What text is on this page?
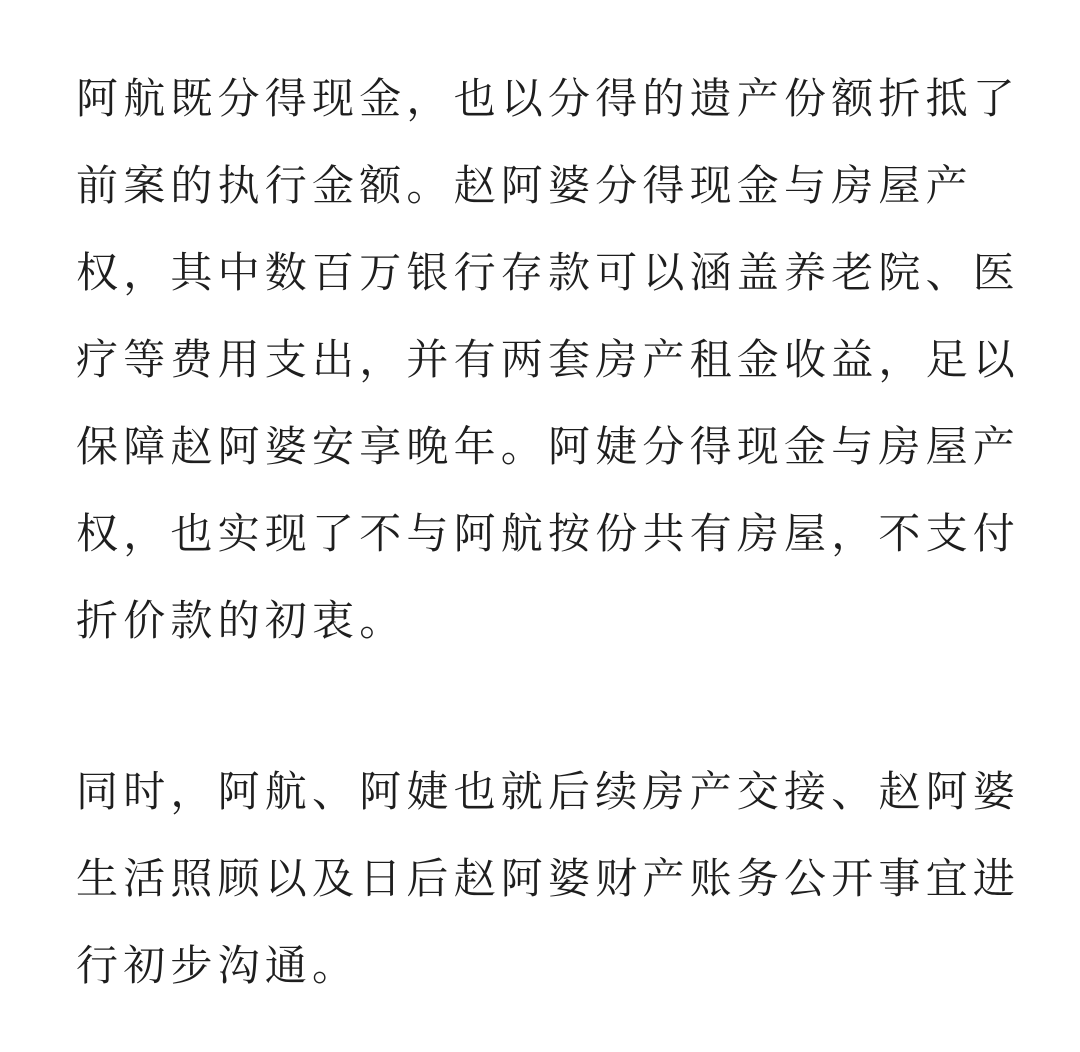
阿航既分得现金，也以分得的遗产份额折抵了
前案的执行金额。赵阿婆分得现金与房屋产
权，其中数百万银行存款可以涵盖养老院、医
疗等费用支出，并有两套房产租金收益，足以
保障赵阿婆安享晚年。阿婕分得现金与房屋产
权，也实现了不与阿航按份共有房屋，不支付
折价款的初衷。

同时，阿航、阿婕也就后续房产交接、赵阿婆
生活照顾以及日后赵阿婆财产账务公开事宜进
行初步沟通。
